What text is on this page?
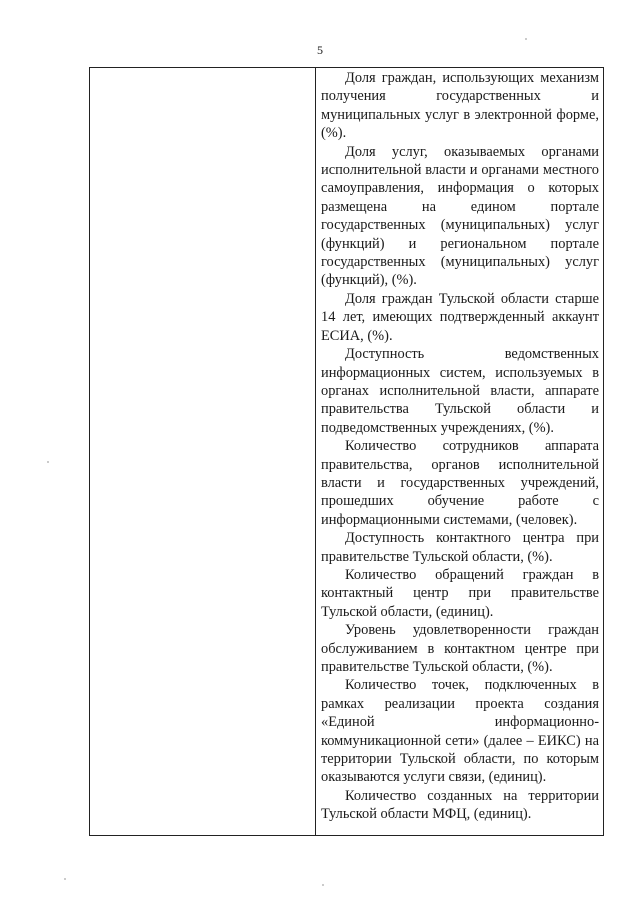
5

Доля граждан, использующих механизм получения государственных и муниципальных услуг в электронной форме, (%).

Доля услуг, оказываемых органами исполнительной власти и органами местного самоуправления, информация о которых размещена на едином портале государственных (муниципальных) услуг (функций) и региональном портале государственных (муниципальных) услуг (функций), (%).

Доля граждан Тульской области старше 14 лет, имеющих подтвержденный аккаунт ЕСИА, (%).

Доступность ведомственных информационных систем, используемых в органах исполнительной власти, аппарате правительства Тульской области и подведомственных учреждениях, (%).

Количество сотрудников аппарата правительства, органов исполнительной власти и государственных учреждений, прошедших обучение работе с информационными системами, (человек).

Доступность контактного центра при правительстве Тульской области, (%).

Количество обращений граждан в контактный центр при правительстве Тульской области, (единиц).

Уровень удовлетворенности граждан обслуживанием в контактном центре при правительстве Тульской области, (%).

Количество точек, подключенных в рамках реализации проекта создания «Единой информационно-коммуникационной сети» (далее – ЕИКС) на территории Тульской области, по которым оказываются услуги связи, (единиц).

Количество созданных на территории Тульской области МФЦ, (единиц).
